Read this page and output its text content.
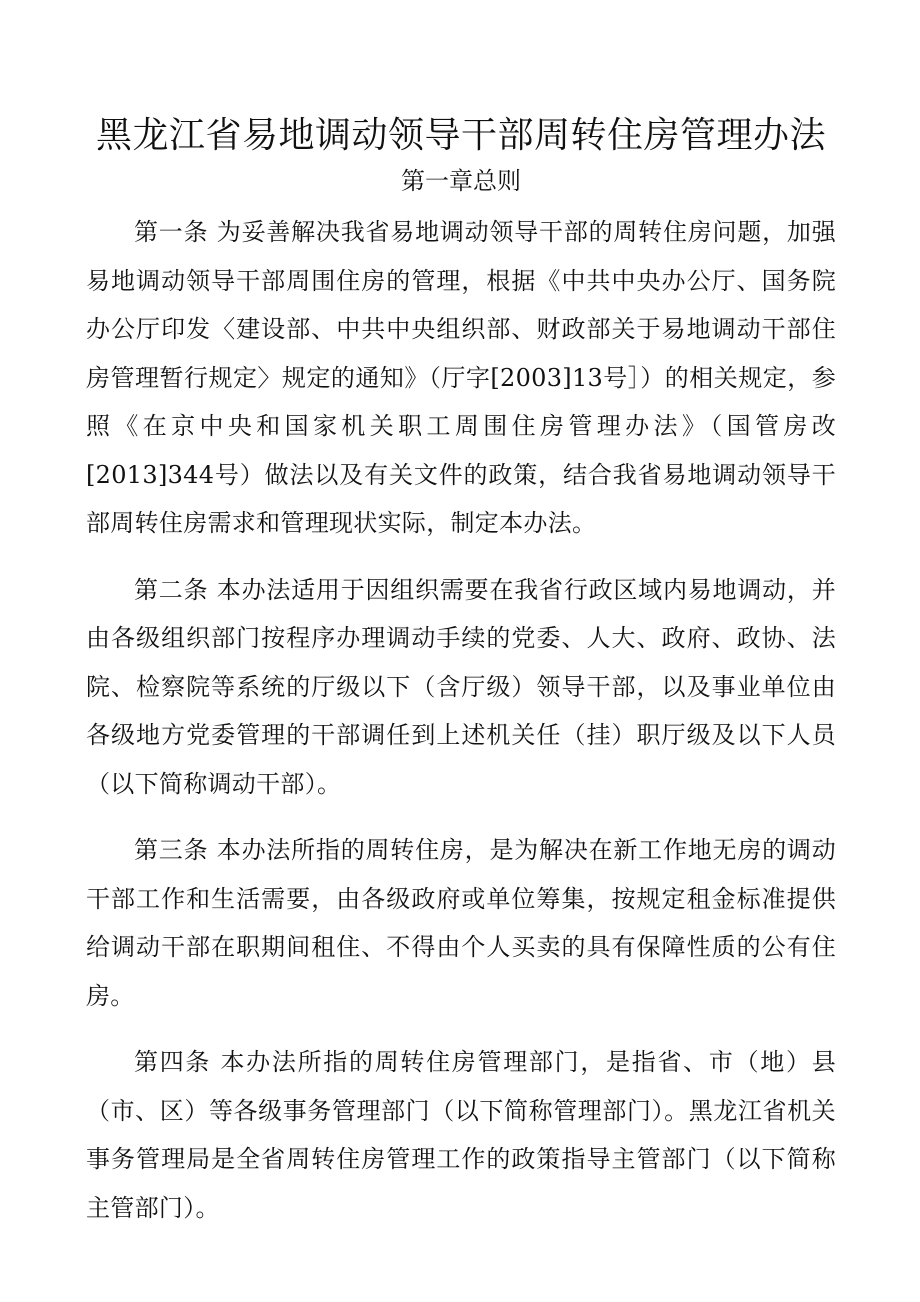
黑龙江省易地调动领导干部周转住房管理办法
第一章总则

第一条 为妥善解决我省易地调动领导干部的周转住房问题，加强易地调动领导干部周围住房的管理，根据《中共中央办公厅、国务院办公厅印发〈建设部、中共中央组织部、财政部关于易地调动干部住房管理暂行规定〉规定的通知》（厅字[2003]13号］）的相关规定，参照《在京中央和国家机关职工周围住房管理办法》（国管房改[2013]344号）做法以及有关文件的政策，结合我省易地调动领导干部周转住房需求和管理现状实际，制定本办法。

第二条 本办法适用于因组织需要在我省行政区域内易地调动，并由各级组织部门按程序办理调动手续的党委、人大、政府、政协、法院、检察院等系统的厅级以下（含厅级）领导干部，以及事业单位由各级地方党委管理的干部调任到上述机关任（挂）职厅级及以下人员（以下简称调动干部）。

第三条 本办法所指的周转住房，是为解决在新工作地无房的调动干部工作和生活需要，由各级政府或单位筹集，按规定租金标准提供给调动干部在职期间租住、不得由个人买卖的具有保障性质的公有住房。

第四条 本办法所指的周转住房管理部门，是指省、市（地）县（市、区）等各级事务管理部门（以下简称管理部门）。黑龙江省机关事务管理局是全省周转住房管理工作的政策指导主管部门（以下简称主管部门）。
